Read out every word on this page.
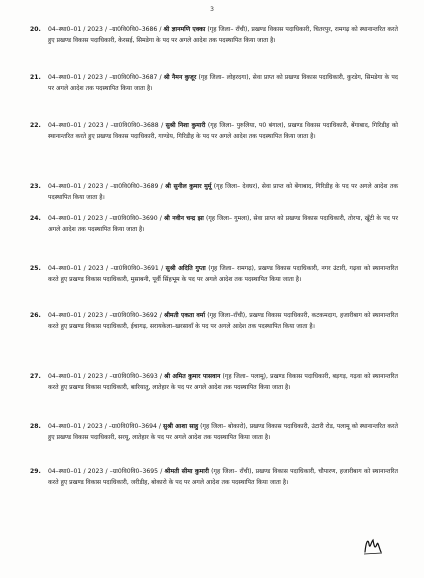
3
20. 04–स्था0–01 / 2023 / –ग्रा0वि0वि0–3686 / श्री ज्ञानमणि एक्का (गृह जिला– राँची), प्रखण्ड विकास पदाधिकारी, चितरपुर, रामगढ़ को स्थानान्तरित करते हुए प्रखण्ड विकास पदाधिकारी, केरसई, सिमडेगा के पद पर अगले आदेश तक पदस्थापित किया जाता है।
21. 04–स्था0–01 / 2023 / –ग्रा0वि0वि0–3687 / श्री नैमन कुजूर (गृह जिला– लोहरदगा), सेवा प्राप्त को प्रखण्ड विकास पदाधिकारी, कुरडेग, सिमडेगा के पद पर अगले आदेश तक पदस्थापित किया जाता है।
22. 04–स्था0–01 / 2023 / –ग्रा0वि0वि0–3688 / सुश्री निशा कुमारी (गृह जिला– पुरुलिया, प0 बंगाल), प्रखण्ड विकास पदाधिकारी, बेंगाबाद, गिरिडीह को स्थानान्तरित करते हुए प्रखण्ड विकास पदाधिकारी, गाण्डेय, गिरिडीह के पद पर अगले आदेश तक पदस्थापित किया जाता है।
23. 04–स्था0–01 / 2023 / –ग्रा0वि0वि0–3689 / श्री सुनील कुमार मुर्मू (गृह जिला– देवघर), सेवा प्राप्त को बेंगाबाद, गिरिडीह के पद पर अगले आदेश तक पदस्थापित किया जाता है।
24. 04–स्था0–01 / 2023 / –ग्रा0वि0वि0–3690 / श्री नवीन चन्द्र झा (गृह जिला– गुमला), सेवा प्राप्त को प्रखण्ड विकास पदाधिकारी, तोरपा, खूँटी के पद पर अगले आदेश तक पदस्थापित किया जाता है।
25. 04–स्था0–01 / 2023 / –ग्रा0वि0वि0–3691 / सुश्री अदिति गुप्ता (गृह जिला– रामगढ़), प्रखण्ड विकास पदाधिकारी, नगर उंटारी, गढ़वा को स्थानान्तरित करते हुए प्रखण्ड विकास पदाधिकारी, मुसाबनी, पूर्वी सिंहभूम के पद पर अगले आदेश तक पदस्थापित किया जाता है।
26. 04–स्था0–01 / 2023 / –ग्रा0वि0वि0–3692 / श्रीमती एकता वर्मा (गृह जिला–राँची), प्रखण्ड विकास पदाधिकारी, कटकमदाग, हजारीबाग को स्थानान्तरित करते हुए प्रखण्ड विकास पदाधिकारी, ईचागढ़, सरायकेला–खरसावाँ के पद पर अगले आदेश तक पदस्थापित किया जाता है।
27. 04–स्था0–01 / 2023 / –ग्रा0वि0वि0–3693 / श्री अमित कुमार पासवान (गृह जिला– पलामू), प्रखण्ड विकास पदाधिकारी, बड़गड़, गढ़वा को स्थानान्तरित करते हुए प्रखण्ड विकास पदाधिकारी, बारियातु, लातेहार के पद पर अगले आदेश तक पदस्थापित किया जाता है।
28. 04–स्था0–01 / 2023 / –ग्रा0वि0वि0–3694 / सुश्री आशा साहु (गृह जिला– बोकारो), प्रखण्ड विकास पदाधिकारी, उंटारी रोड, पलामू को स्थानान्तरित करते हुए प्रखण्ड विकास पदाधिकारी, सरयू, लातेहार के पद पर अगले आदेश तक पदस्थापित किया जाता है।
29. 04–स्था0–01 / 2023 / –ग्रा0वि0वि0–3695 / श्रीमती सीमा कुमारी (गृह जिला– राँची), प्रखण्ड विकास पदाधिकारी, चौपारण, हजारीबाग को स्थानान्तरित करते हुए प्रखण्ड विकास पदाधिकारी, जरीडीह, बोकारो के पद पर अगले आदेश तक पदस्थापित किया जाता है।
